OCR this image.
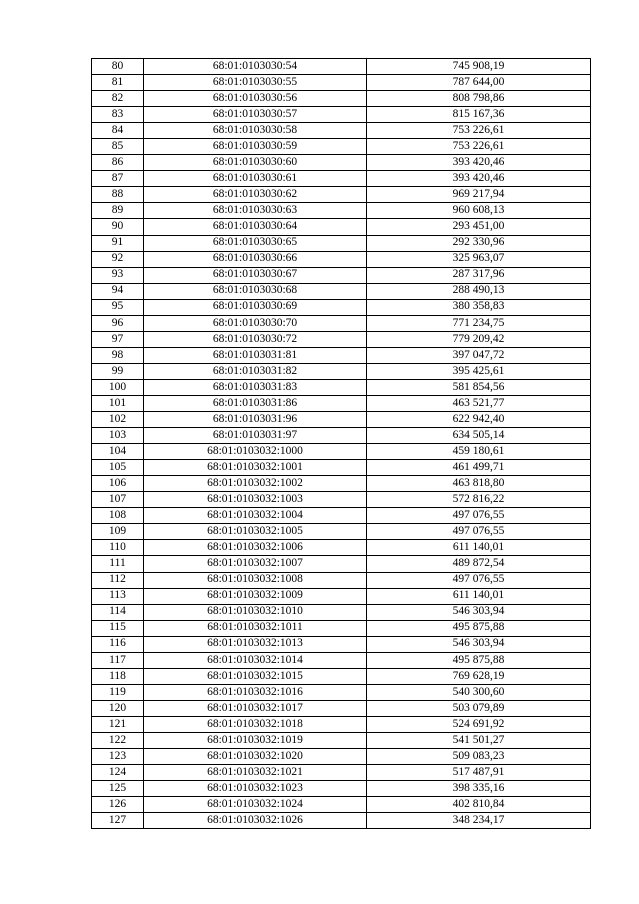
80	68:01:0103030:54	745 908,19
81	68:01:0103030:55	787 644,00
82	68:01:0103030:56	808 798,86
83	68:01:0103030:57	815 167,36
84	68:01:0103030:58	753 226,61
85	68:01:0103030:59	753 226,61
86	68:01:0103030:60	393 420,46
87	68:01:0103030:61	393 420,46
88	68:01:0103030:62	969 217,94
89	68:01:0103030:63	960 608,13
90	68:01:0103030:64	293 451,00
91	68:01:0103030:65	292 330,96
92	68:01:0103030:66	325 963,07
93	68:01:0103030:67	287 317,96
94	68:01:0103030:68	288 490,13
95	68:01:0103030:69	380 358,83
96	68:01:0103030:70	771 234,75
97	68:01:0103030:72	779 209,42
98	68:01:0103031:81	397 047,72
99	68:01:0103031:82	395 425,61
100	68:01:0103031:83	581 854,56
101	68:01:0103031:86	463 521,77
102	68:01:0103031:96	622 942,40
103	68:01:0103031:97	634 505,14
104	68:01:0103032:1000	459 180,61
105	68:01:0103032:1001	461 499,71
106	68:01:0103032:1002	463 818,80
107	68:01:0103032:1003	572 816,22
108	68:01:0103032:1004	497 076,55
109	68:01:0103032:1005	497 076,55
110	68:01:0103032:1006	611 140,01
111	68:01:0103032:1007	489 872,54
112	68:01:0103032:1008	497 076,55
113	68:01:0103032:1009	611 140,01
114	68:01:0103032:1010	546 303,94
115	68:01:0103032:1011	495 875,88
116	68:01:0103032:1013	546 303,94
117	68:01:0103032:1014	495 875,88
118	68:01:0103032:1015	769 628,19
119	68:01:0103032:1016	540 300,60
120	68:01:0103032:1017	503 079,89
121	68:01:0103032:1018	524 691,92
122	68:01:0103032:1019	541 501,27
123	68:01:0103032:1020	509 083,23
124	68:01:0103032:1021	517 487,91
125	68:01:0103032:1023	398 335,16
126	68:01:0103032:1024	402 810,84
127	68:01:0103032:1026	348 234,17
